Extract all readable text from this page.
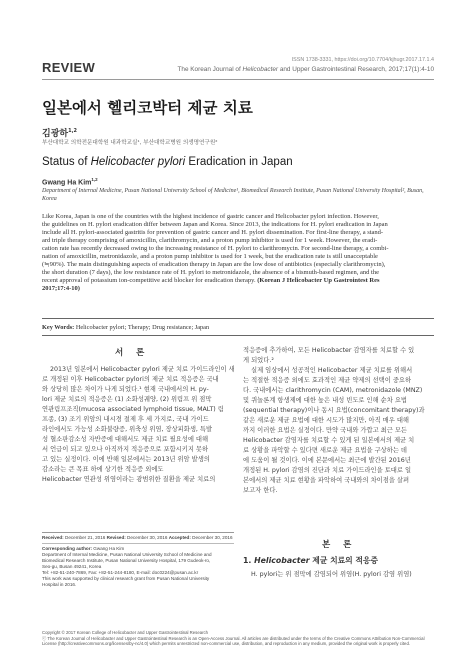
REVIEW	ISSN 1738-3331, https://doi.org/10.7704/kjhugr.2017.17.1.4
The Korean Journal of Helicobacter and Upper Gastrointestinal Research, 2017;17(1):4-10
일본에서 헬리코박터 제균 치료
김광하$^{1,2}$
부산대학교 의학전문대학원 내과학교실¹, 부산대학교병원 의생명연구원²
Status of Helicobacter pylori Eradication in Japan
Gwang Ha Kim$^{1,2}$
Department of Internal Medicine, Pusan National University School of Medicine¹, Biomedical Research Institute, Pusan National University Hospital², Busan, Korea
Like Korea, Japan is one of the countries with the highest incidence of gastric cancer and Helicobacter pylori infection. However,
the guidelines on H. pylori eradication differ between Japan and Korea. Since 2013, the indications for H. pylori eradication in Japan
include all H. pylori-associated gastritis for prevention of gastric cancer and H. pylori dissemination. For first-line therapy, a stand-
ard triple therapy comprising of amoxicillin, clarithromycin, and a proton pump inhibitor is used for 1 week. However, the eradi-
cation rate has recently decreased owing to the increasing resistance of H. pylori to clarithromycin. For second-line therapy, a combi-
nation of amoxicillin, metronidazole, and a proton pump inhibitor is used for 1 week, but the eradication rate is still unacceptable
(≒90%). The main distinguishing aspects of eradication therapy in Japan are the low dose of antibiotics (especially clarithromycin),
the short duration (7 days), the low resistance rate of H. pylori to metronidazole, the absence of a bismuth-based regimen, and the
recent approval of potassium ion-competitive acid blocker for eradication therapy. (Korean J Helicobacter Up Gastrointest Res
2017;17:4-10)
Key Words: Helicobacter pylori; Therapy; Drug resistance; Japan
서 론
2013년 일본에서 Helicobacter pylori 제균 치료 가이드라인이 새
로 개정된 이후 Helicobacter pylori의 제균 치료 적응증은 국내
와 상당히 많은 차이가 나게 되었다.¹ 현재 국내에서의 H. py-
lori 제균 치료의 적응증은 (1) 소화성궤양, (2) 위림프 위 점막
연관림프조직(mucosa associated lymphoid tissue, MALT) 림
프종, (3) 조기 위암의 내시경 절제 후 세 가지로, 국내 가이드
라인에서도 가능성 소화불량증, 위축성 위염, 장상피화생, 특발
성 혈소판감소성 자반증에 대해서도 제균 치료 필요성에 대해
서 언급이 되고 있으나 아직까지 적응증으로 포함시키지 못하
고 있는 실정이다. 이에 반해 일본에서는 2013년 위암 발생의
감소라는 큰 목표 하에 상기한 적응증 외에도
Helicobacter 연관성 위염이라는 광범위한 질환을 제균 치료의
Received: December 21, 2016 Revised: December 30, 2016 Accepted: December 30, 2016
Corresponding author: Gwang Ha Kim
Department of Internal Medicine, Pusan National University School of Medicine and
Biomedical Research Institute, Pusan National University Hospital, 179 Gudeok-ro,
Seo-gu, Busan 49241, Korea
Tel: +82-51-240-7869, Fax: +82-51-244-8180, E-mail: doc0224@pusan.ac.kr
This work was supported by clinical research grant from Pusan National University
Hospital in 2016.
적응증에 추가하여, 모든 Helicobacter 감염자를 치료할 수 있
게 되었다.²
실제 임상에서 성공적인 Helicobacter 제균 치료를 위해서
는 적절한 적응증 외에도 효과적인 제균 약제의 선택이 중요하
다. 국내에서는 clarithromycin (CAM), metronidazole (MNZ)
및 퀴놀론계 항생제에 대한 높은 내성 빈도로 인해 순차 요법
(sequential therapy)이나 동시 요법(concomitant therapy)과
같은 새로운 제균 요법에 대한 시도가 많지만, 아직 매우 대해
까지 이러한 요법은 실정이다. 만약 국내와 가깝고 최근 모든
Helicobacter 감염자를 치료할 수 있게 된 일본에서의 제균 치
료 상황을 파악할 수 있다면 새로운 제균 요법을 구상하는 데
에 도움이 될 것이다. 이에 본문에서는 최근에 발간된 2016년
개정된 H. pylori 감염의 진단과 치료 가이드라인을 토대로 일
본에서의 제균 치료 현황을 파악하여 국내와의 차이점을 살펴
보고자 한다.
본 론
1. Helicobacter 제균 치료의 적응증
H. pylori는 위 점막에 감염되어 위염(H. pylori 감염 위염)
Copyright © 2017 Korean College of Helicobacter and Upper Gastrointestinal Research
ⓒ The Korean Journal of Helicobacter and Upper Gastrointestinal Research is an Open-Access Journal. All articles are distributed under the terms of the Creative Commons Attribution Non-Commercial
License (http://creativecommons.org/licenses/by-nc/4.0) which permits unrestricted non-commercial use, distribution, and reproduction in any medium, provided the original work is properly cited.
